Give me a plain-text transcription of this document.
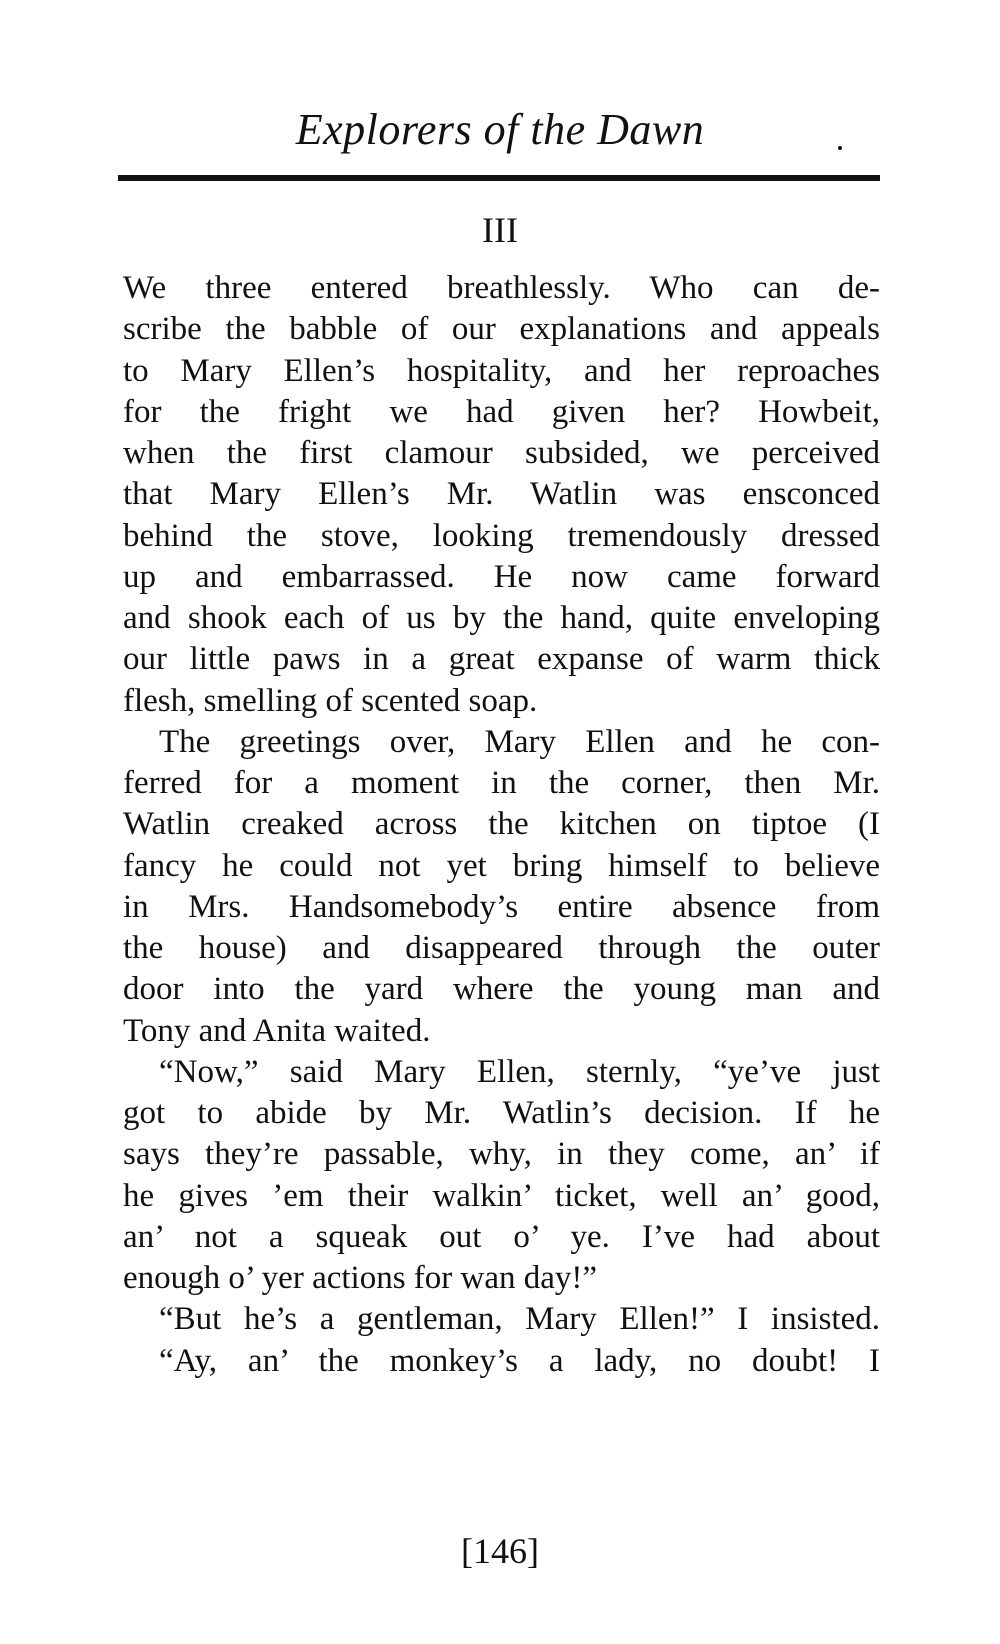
Explorers of the Dawn
III
We three entered breathlessly. Who can de-
scribe the babble of our explanations and appeals
to Mary Ellen’s hospitality, and her reproaches
for the fright we had given her? Howbeit,
when the first clamour subsided, we perceived
that Mary Ellen’s Mr. Watlin was ensconced
behind the stove, looking tremendously dressed
up and embarrassed. He now came forward
and shook each of us by the hand, quite enveloping
our little paws in a great expanse of warm thick
flesh, smelling of scented soap.
The greetings over, Mary Ellen and he con-
ferred for a moment in the corner, then Mr.
Watlin creaked across the kitchen on tiptoe (I
fancy he could not yet bring himself to believe
in Mrs. Handsomebody’s entire absence from
the house) and disappeared through the outer
door into the yard where the young man and
Tony and Anita waited.
“Now,” said Mary Ellen, sternly, “ye’ve just
got to abide by Mr. Watlin’s decision. If he
says they’re passable, why, in they come, an’ if
he gives ’em their walkin’ ticket, well an’ good,
an’ not a squeak out o’ ye. I’ve had about
enough o’ yer actions for wan day!”
“But he’s a gentleman, Mary Ellen!” I insisted.
“Ay, an’ the monkey’s a lady, no doubt! I
[146]
